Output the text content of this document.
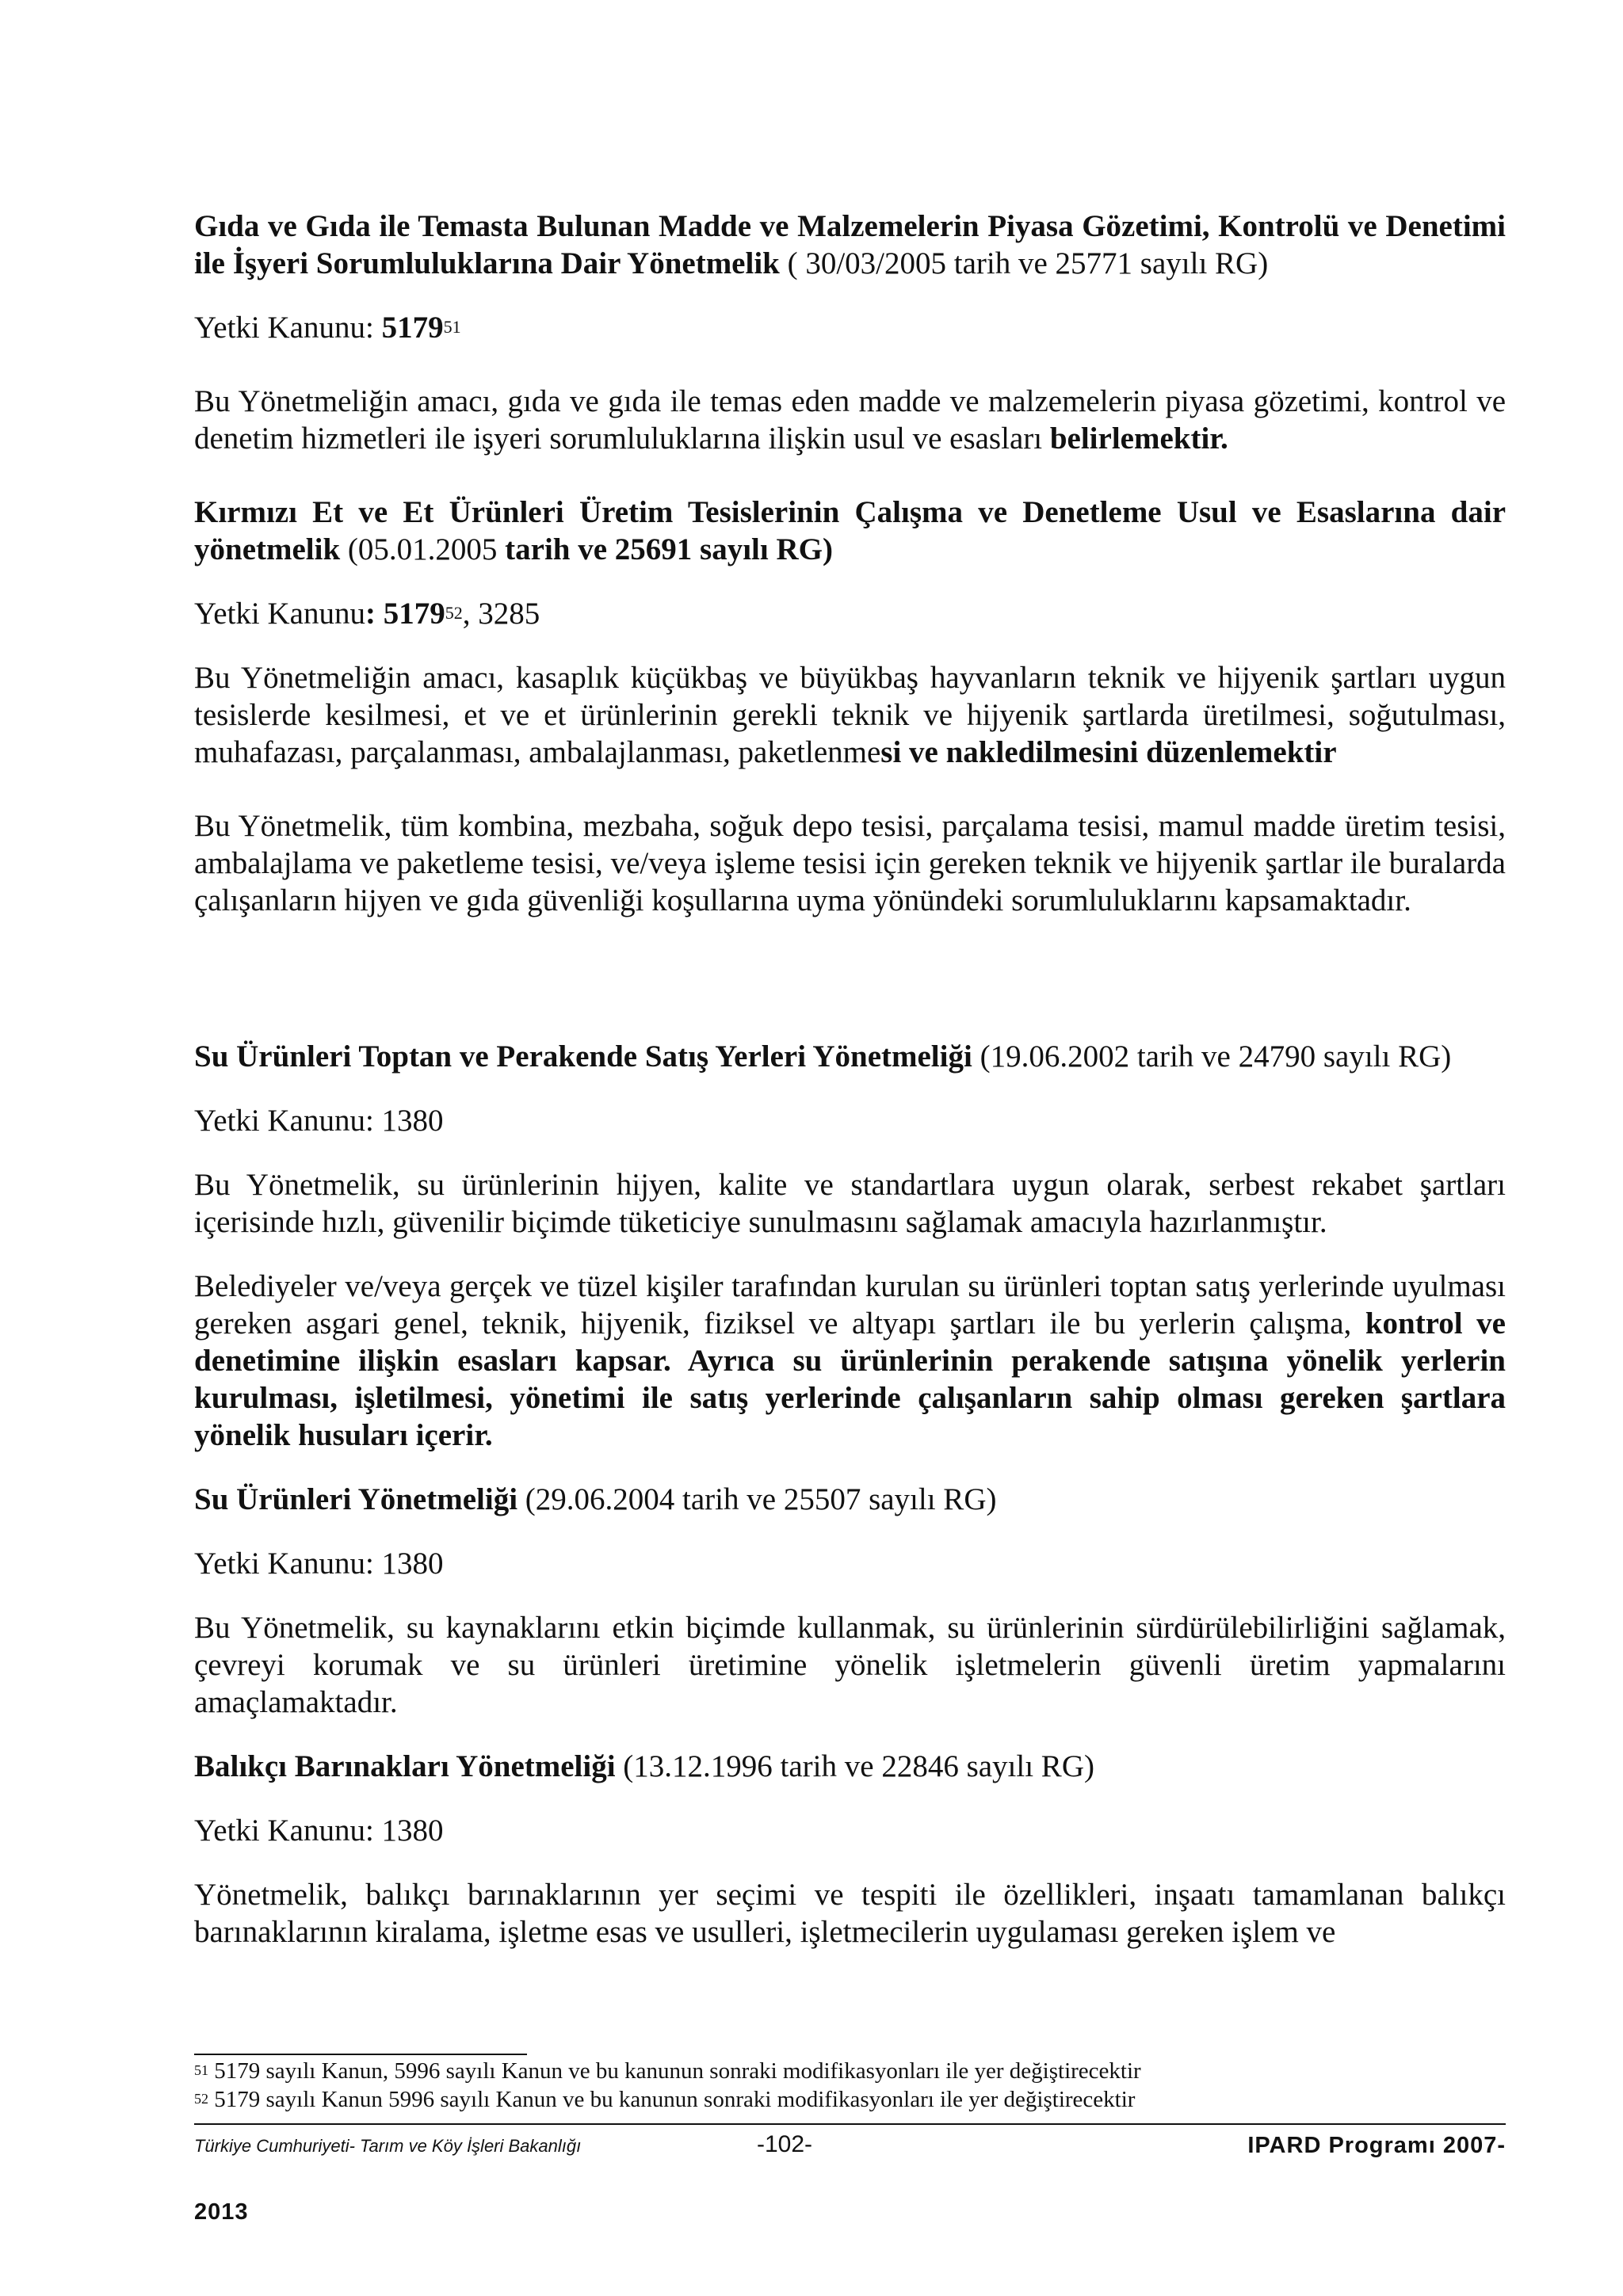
Gıda ve Gıda ile Temasta Bulunan Madde ve Malzemelerin Piyasa Gözetimi, Kontrolü ve Denetimi ile İşyeri Sorumluluklarına Dair Yönetmelik ( 30/03/2005 tarih ve 25771 sayılı RG)

Yetki Kanunu: 5179$^{51}$

Bu Yönetmeliğin amacı, gıda ve gıda ile temas eden madde ve malzemelerin piyasa gözetimi, kontrol ve denetim hizmetleri ile işyeri sorumluluklarına ilişkin usul ve esasları belirlemektir.

Kırmızı Et ve Et Ürünleri Üretim Tesislerinin Çalışma ve Denetleme Usul ve Esaslarına dair yönetmelik (05.01.2005 tarih ve 25691 sayılı RG)

Yetki Kanunu: 5179$^{52}$, 3285

Bu Yönetmeliğin amacı, kasaplık küçükbaş ve büyükbaş hayvanların teknik ve hijyenik şartları uygun tesislerde kesilmesi, et ve et ürünlerinin gerekli teknik ve hijyenik şartlarda üretilmesi, soğutulması, muhafazası, parçalanması, ambalajlanması, paketlenmesi ve nakledilmesini düzenlemektir

Bu Yönetmelik, tüm kombina, mezbaha, soğuk depo tesisi, parçalama tesisi, mamul madde üretim tesisi, ambalajlama ve paketleme tesisi, ve/veya işleme tesisi için gereken teknik ve hijyenik şartlar ile buralarda çalışanların hijyen ve gıda güvenliği koşullarına uyma yönündeki sorumluluklarını kapsamaktadır.

Su Ürünleri Toptan ve Perakende Satış Yerleri Yönetmeliği (19.06.2002 tarih ve 24790 sayılı RG)

Yetki Kanunu: 1380

Bu Yönetmelik, su ürünlerinin hijyen, kalite ve standartlara uygun olarak, serbest rekabet şartları içerisinde hızlı, güvenilir biçimde tüketiciye sunulmasını sağlamak amacıyla hazırlanmıştır.

Belediyeler ve/veya gerçek ve tüzel kişiler tarafından kurulan su ürünleri toptan satış yerlerinde uyulması gereken asgari genel, teknik, hijyenik, fiziksel ve altyapı şartları ile bu yerlerin çalışma, kontrol ve denetimine ilişkin esasları kapsar. Ayrıca su ürünlerinin perakende satışına yönelik yerlerin kurulması, işletilmesi, yönetimi ile satış yerlerinde çalışanların sahip olması gereken şartlara yönelik husuları içerir.

Su Ürünleri Yönetmeliği (29.06.2004 tarih ve 25507 sayılı RG)

Yetki Kanunu: 1380

Bu Yönetmelik, su kaynaklarını etkin biçimde kullanmak, su ürünlerinin sürdürülebilirliğini sağlamak, çevreyi korumak ve su ürünleri üretimine yönelik işletmelerin güvenli üretim yapmalarını amaçlamaktadır.

Balıkçı Barınakları Yönetmeliği (13.12.1996 tarih ve 22846 sayılı RG)

Yetki Kanunu: 1380

Yönetmelik, balıkçı barınaklarının yer seçimi ve tespiti ile özellikleri, inşaatı tamamlanan balıkçı barınaklarının kiralama, işletme esas ve usulleri, işletmecilerin uygulaması gereken işlem ve

$^{51}$ 5179 sayılı Kanun, 5996 sayılı Kanun ve bu kanunun sonraki modifikasyonları ile yer değiştirecektir
$^{52}$ 5179 sayılı Kanun 5996 sayılı Kanun ve bu kanunun sonraki modifikasyonları ile yer değiştirecektir
Türkiye Cumhuriyeti- Tarım ve Köy İşleri Bakanlığı	-102-	IPARD Programı 2007-
2013
